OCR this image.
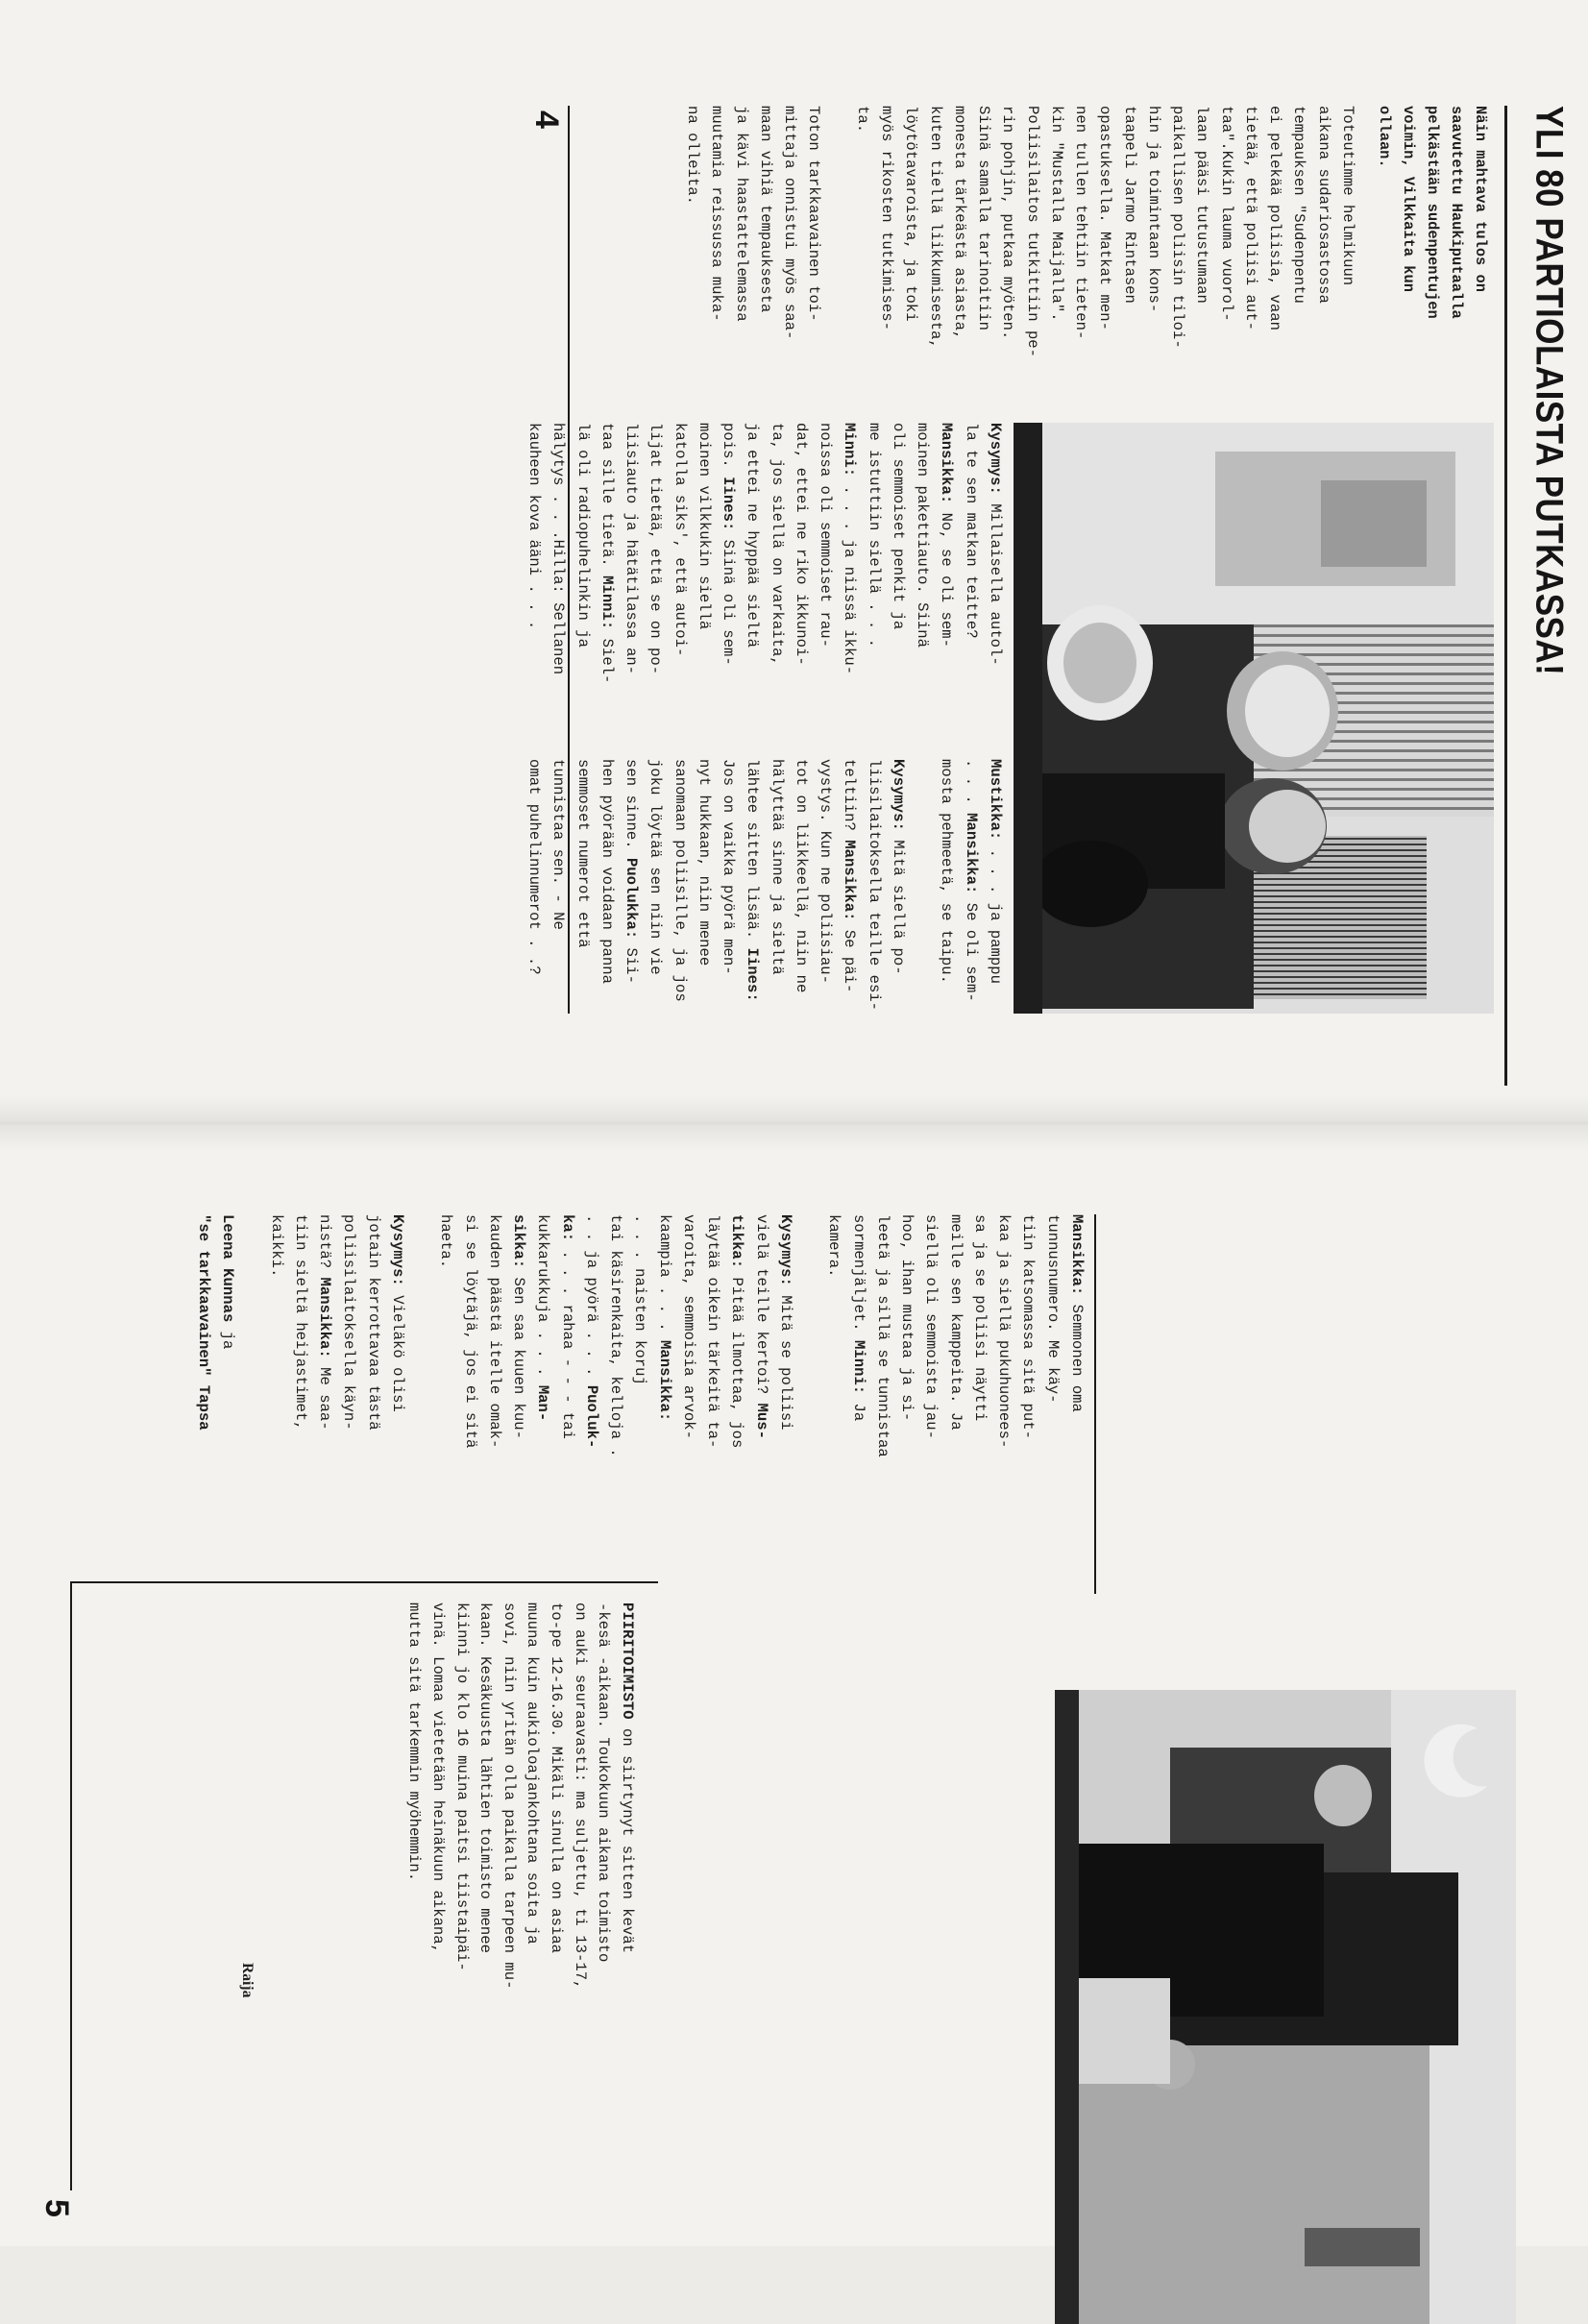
YLI 80 PARTIOLAISTA PUTKASSA!
Näin mahtava tulos on
saavutettu Haukiputaalla
pelkästään sudenpentujen
voimin, Vilkkaita kun
ollaan.

Toteutimme helmikuun
aikana sudariosastossa
tempauksen "Sudenpentu
ei pelekää poliisia, vaan
tietää, että poliisi aut-
taa".Kukin lauma vuorol-
laan pääsi tutustumaan
paikallisen poliisin tiloi-
hin ja toimintaan kons-
taapeli Jarmo Rintasen
opastuksella. Matkat men-
nen tullen tehtiin tieten-
kin "Mustalla Maijalla".
Poliisilaitos tutkittiin pe-
rin pohjin, putkaa myöten.
Siinä samalla tarinoitiin
monesta tärkeästä asiasta,
kuten tiellä liikkumisesta,
löytötavaroista, ja toki
myös rikosten tutkimises-
ta.

Toton tarkkaavainen toi-
mittaja onnistui myös saa-
maan vihiä tempauksesta
ja kävi haastattelemassa
muutamia reissussa muka-
na olleita.

Kysymys: Millaisella autol-
la te sen matkan teitte?
Mansikka: No, se oli sem-
moinen pakettiauto. Siinä
oli semmoiset penkit ja
me istuttiin siellä . . .
Minni: . . . ja niissä ikku-
noissa oli semmoiset rau-
dat, ettei ne riko ikkunoi-
ta, jos siellä on varkaita,
ja ettei ne hyppää sieltä
pois. Iines: Siinä oli sem-
moinen vilkkukin siellä
katolla siks', että autoi-
lijat tietää, että se on po-
liisiauto ja hätätilassa an-
taa sille tietä. Minni: Siel-
lä oli radiopuhelinkin ja
hälytys . . .Hilla: Sellanen
kauheen kova ääni . . .

Mustikka: . . . ja pamppu
. . . Mansikka: Se oli sem-
mosta pehmeetä, se taipu.

Kysymys: Mitä siellä po-
liisilaitoksella teille esi-
teltiin? Mansikka: Se päi-
vystys. Kun ne poliisiau-
tot on liikkeellä, niin ne
hälyttää sinne ja sieltä
lähtee sitten lisää. Iines:
Jos on vaikka pyörä men-
nyt hukkaan, niin menee
sanomaan poliisille, ja jos
joku löytää sen niin vie
sen sinne. Puolukka: Sii-
hen pyörään voidaan panna
semmoset numerot että
tunnistaa sen. - Ne
omat puhelinnumerot . .?

4
Mansikka: Semmonen oma
tunnusnumero. Me käy-
tiin katsomassa sitä put-
kaa ja siellä pukuhuonees-
sa ja se poliisi näytti
meille sen kamppeita. Ja
siellä oli semmoista jau-
hoo, ihan mustaa ja si-
leetä ja sillä se tunnistaa
sormenjäljet. Minni: Ja
kamera.

Kysymys: Mitä se poliisi
vielä teille kertoi? Mus-
tikka: Pitää ilmottaa, jos
läytää oikein tärkeitä ta-
varoita, semmoisia arvok-
kaampia . . . Mansikka:
. . . naisten koruj
tai käsirenkaita, kelloja .
. . ja pyörä . . . Puoluk-
ka: . . . rahaa - - - tai
kukkarukkuja . . . Man-
sikka: Sen saa kuuen kuu-
kauden päästä itelle omak-
si se löytäjä, jos ei sitä
haeta.

Kysymys: Vieläkö olisi
jotain kerrottavaa tästä
poliisilaitoksella käyn-
nistä? Mansikka: Me saa-
tiin sieltä heijastimet,
kaikki.

Leena Kunnas ja
"se tarkkaavainen" Tapsa

5
PIIRITOIMISTO on siirtynyt sitten kevät
-kesä -aikaan. Toukokuun aikana toimisto
on auki seuraavasti: ma suljettu, ti 13-17,
to-pe 12-16.30. Mikäli sinulla on asiaa
muuna kuin aukioloajankohtana soita ja
sovi, niin yritän olla paikalla tarpeen mu-
kaan. Kesäkuusta lähtien toimisto menee
kiinni jo klo 16 muina paitsi tiistaipäi-
vinä. Lomaa vietetään heinäkuun aikana,
mutta sitä tarkemmin myöhemmin.

Raija
